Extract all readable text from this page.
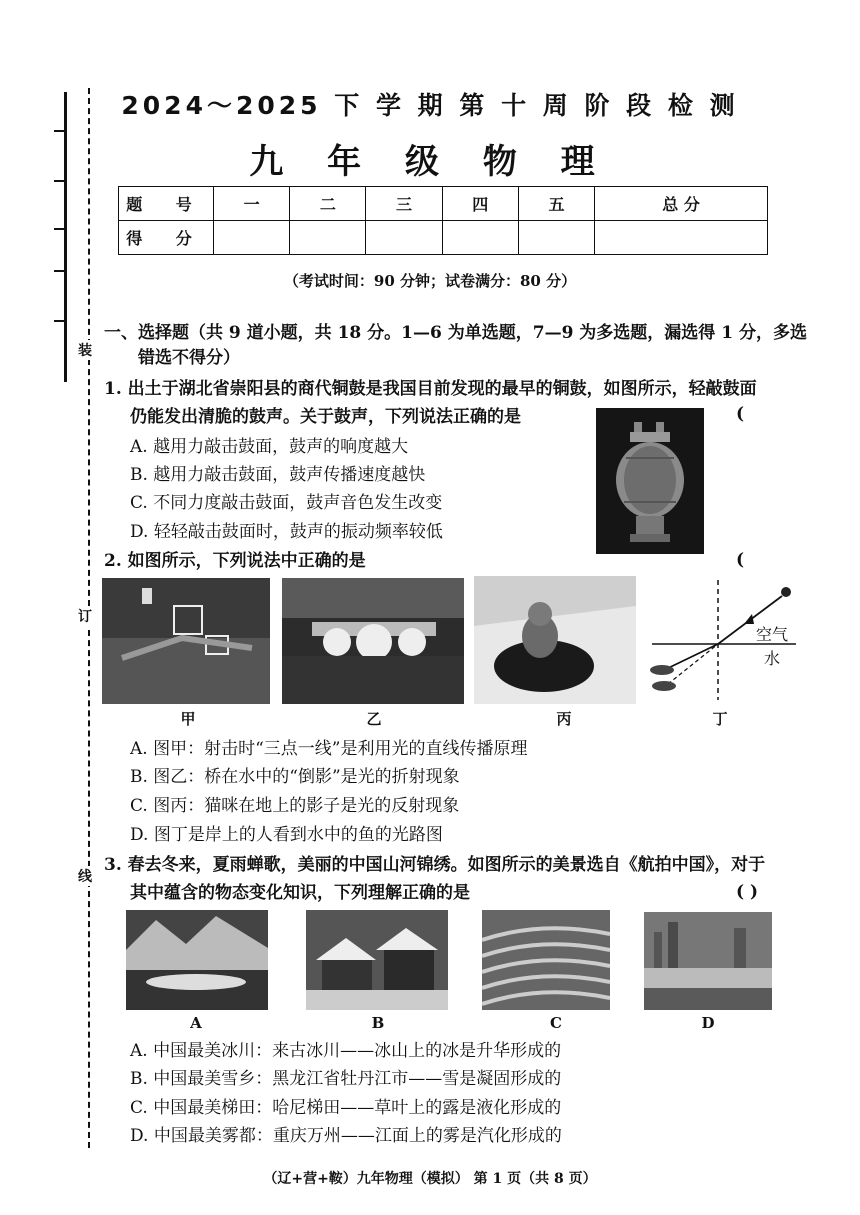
装
订
线
2024～2025 下 学 期 第 十 周 阶 段 检 测
九 年 级 物 理
题 号	一	二	三	四	五	总 分
得 分						
（考试时间：90 分钟；试卷满分：80 分）
一、选择题（共 9 道小题，共 18 分。1—6 为单选题，7—9 为多选题，漏选得 1 分，多选
错选不得分）
1. 出土于湖北省崇阳县的商代铜鼓是我国目前发现的最早的铜鼓，如图所示，轻敲鼓面
仍能发出清脆的鼓声。关于鼓声，下列说法正确的是	(
A. 越用力敲击鼓面，鼓声的响度越大
B. 越用力敲击鼓面，鼓声传播速度越快
C. 不同力度敲击鼓面，鼓声音色发生改变
D. 轻轻敲击鼓面时，鼓声的振动频率较低
2. 如图所示，下列说法中正确的是	(
空气
水
甲	乙	丙	丁
A. 图甲：射击时“三点一线”是利用光的直线传播原理
B. 图乙：桥在水中的“倒影”是光的折射现象
C. 图丙：猫咪在地上的影子是光的反射现象
D. 图丁是岸上的人看到水中的鱼的光路图
3. 春去冬来，夏雨蝉歌，美丽的中国山河锦绣。如图所示的美景选自《航拍中国》，对于
其中蕴含的物态变化知识，下列理解正确的是	( )
A	B	C	D
A. 中国最美冰川：来古冰川——冰山上的冰是升华形成的
B. 中国最美雪乡：黑龙江省牡丹江市——雪是凝固形成的
C. 中国最美梯田：哈尼梯田——草叶上的露是液化形成的
D. 中国最美雾都：重庆万州——江面上的雾是汽化形成的
（辽+营+鞍）九年物理（模拟） 第 1 页（共 8 页）
